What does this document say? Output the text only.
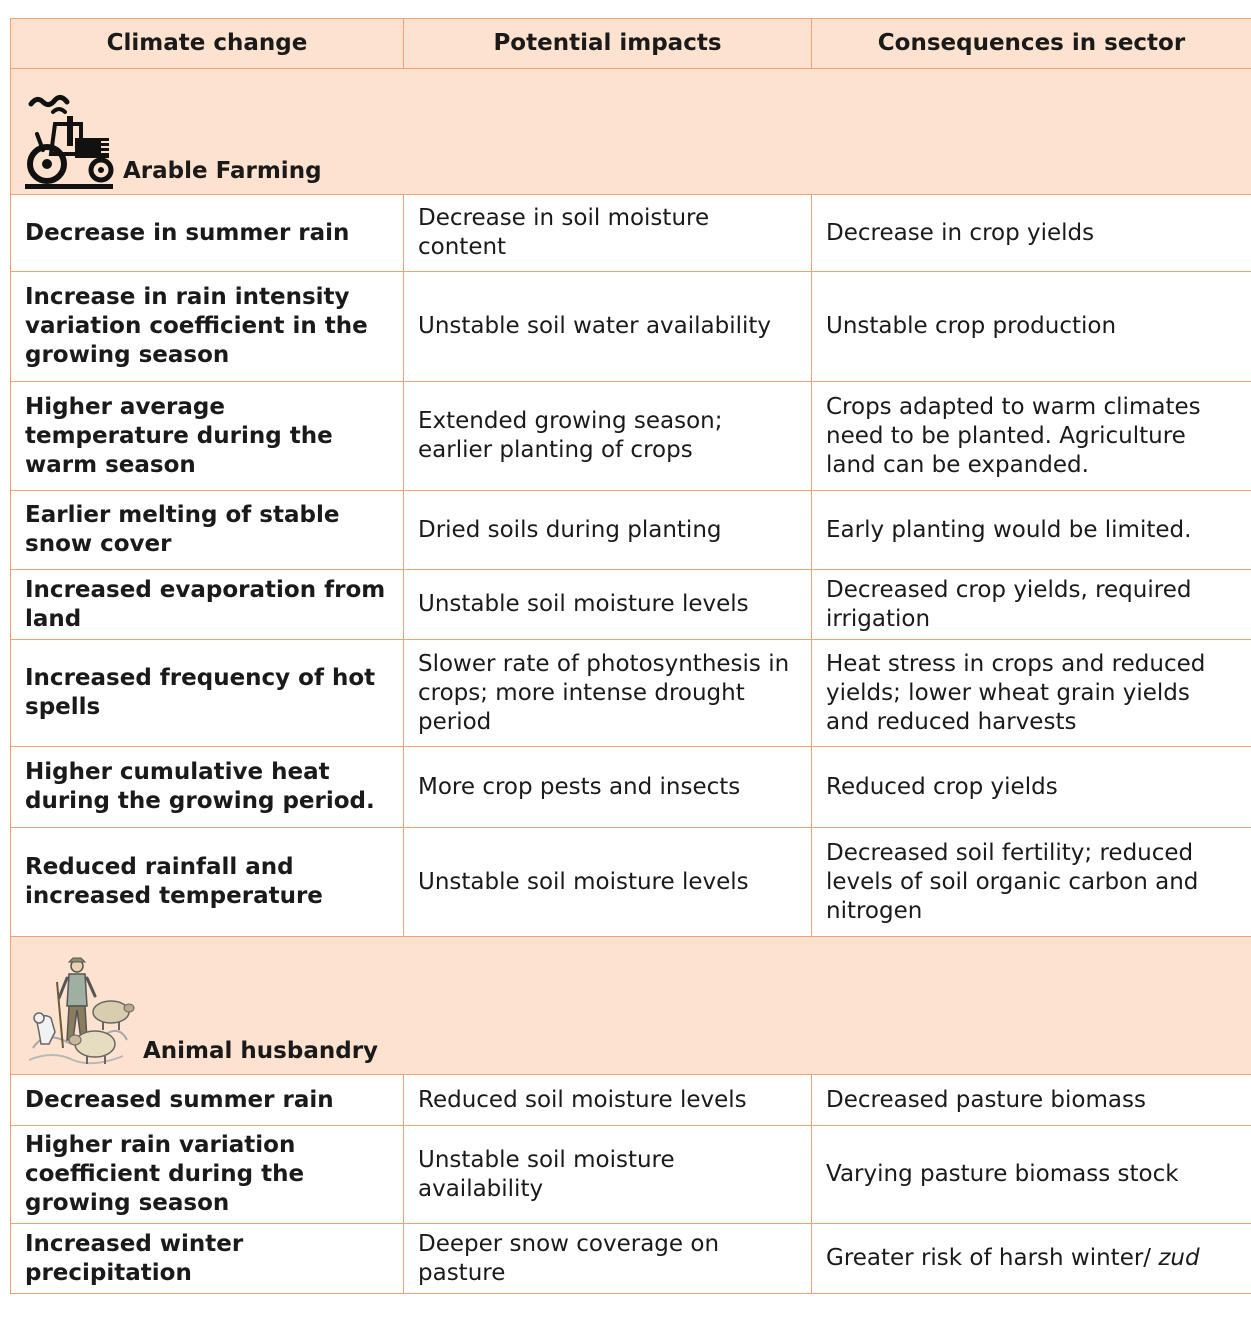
Climate change	Potential impacts	Consequences in sector

Arable Farming		

Decrease in summer rain	Decrease in soil moisture content	Decrease in crop yields
Increase in rain intensity variation coefficient in the growing season	Unstable soil water availability	Unstable crop production
Higher average temperature during the warm season	Extended growing season; earlier planting of crops	Crops adapted to warm climates need to be planted. Agriculture land can be expanded.
Earlier melting of stable snow cover	Dried soils during planting	Early planting would be limited.
Increased evaporation from land	Unstable soil moisture levels	Decreased crop yields, required irrigation
Increased frequency of hot spells	Slower rate of photosynthesis in crops; more intense drought period	Heat stress in crops and reduced yields; lower wheat grain yields and reduced harvests
Higher cumulative heat during the growing period.	More crop pests and insects	Reduced crop yields
Reduced rainfall and increased temperature	Unstable soil moisture levels	Decreased soil fertility; reduced levels of soil organic carbon and nitrogen

Animal husbandry		

Decreased summer rain	Reduced soil moisture levels	Decreased pasture biomass
Higher rain variation coefficient during the growing season	Unstable soil moisture availability	Varying pasture biomass stock
Increased winter precipitation	Deeper snow coverage on pasture	Greater risk of harsh winter/ zud
